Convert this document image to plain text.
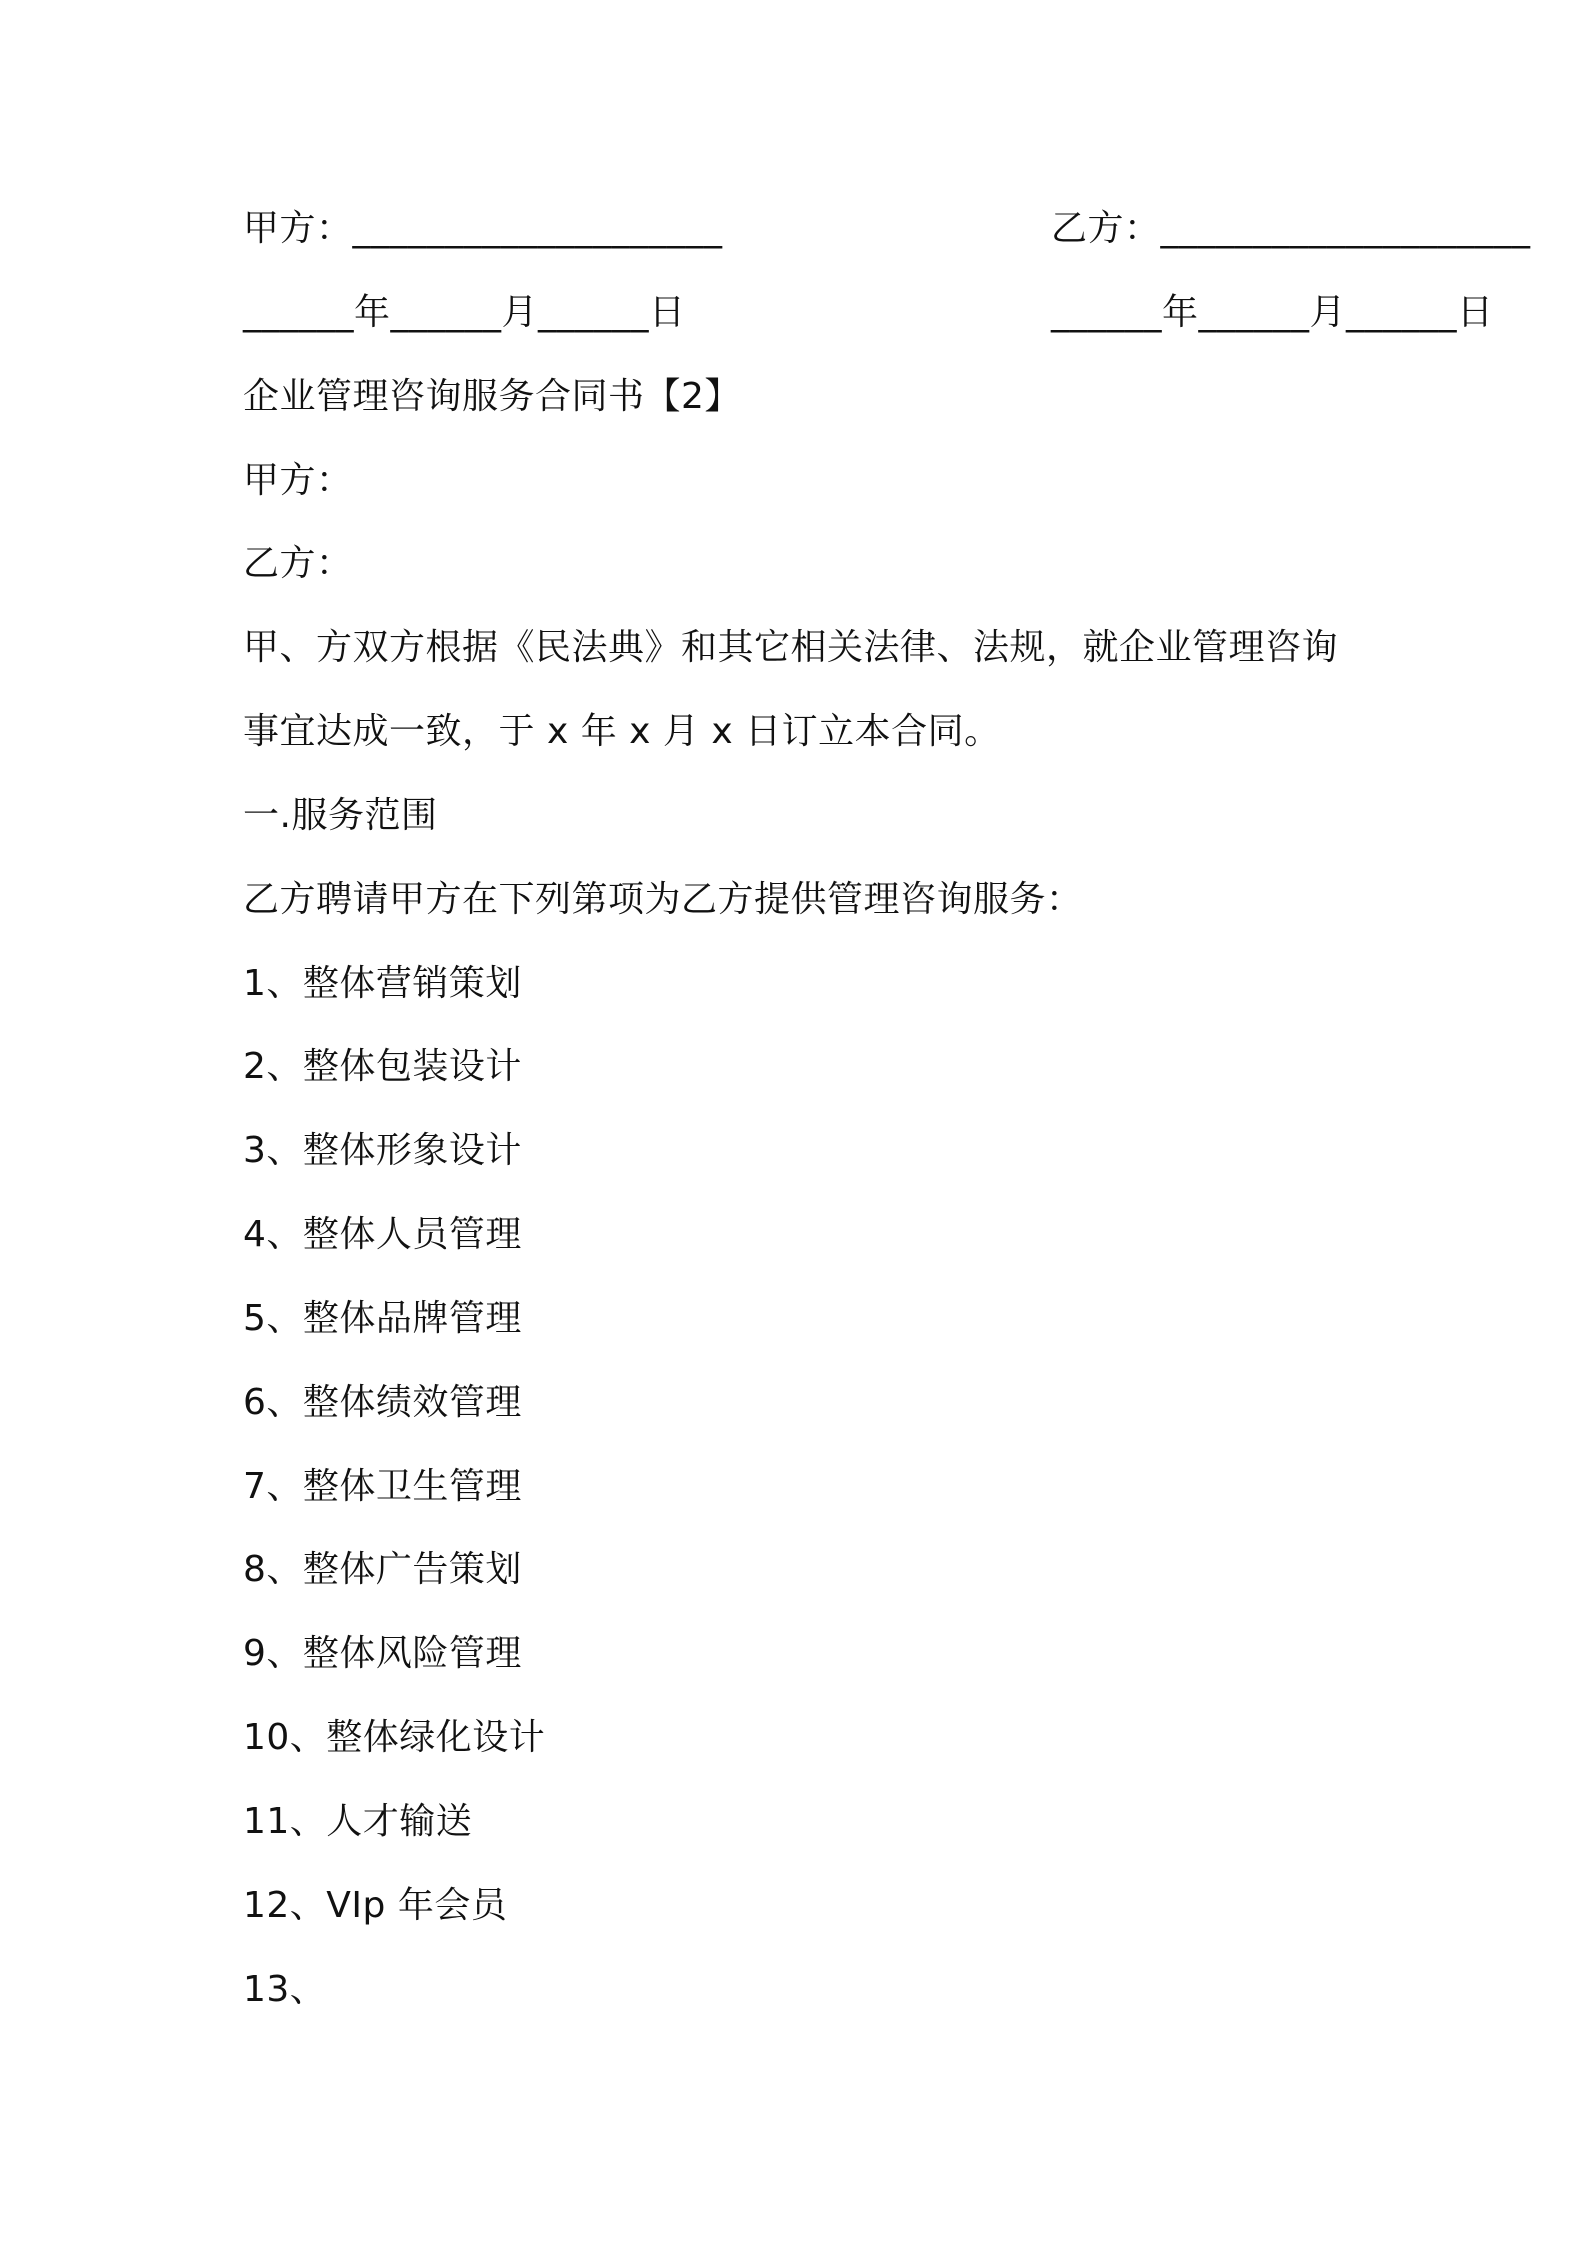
甲方：____________________	乙方：____________________
______年______月______日	______年______月______日
企业管理咨询服务合同书【2】
甲方：
乙方：
甲、方双方根据《民法典》和其它相关法律、法规，就企业管理咨询
事宜达成一致，于 x 年 x 月 x 日订立本合同。
一.服务范围
乙方聘请甲方在下列第项为乙方提供管理咨询服务：
1、整体营销策划
2、整体包装设计
3、整体形象设计
4、整体人员管理
5、整体品牌管理
6、整体绩效管理
7、整体卫生管理
8、整体广告策划
9、整体风险管理
10、整体绿化设计
11、人才输送
12、VIp 年会员
13、
